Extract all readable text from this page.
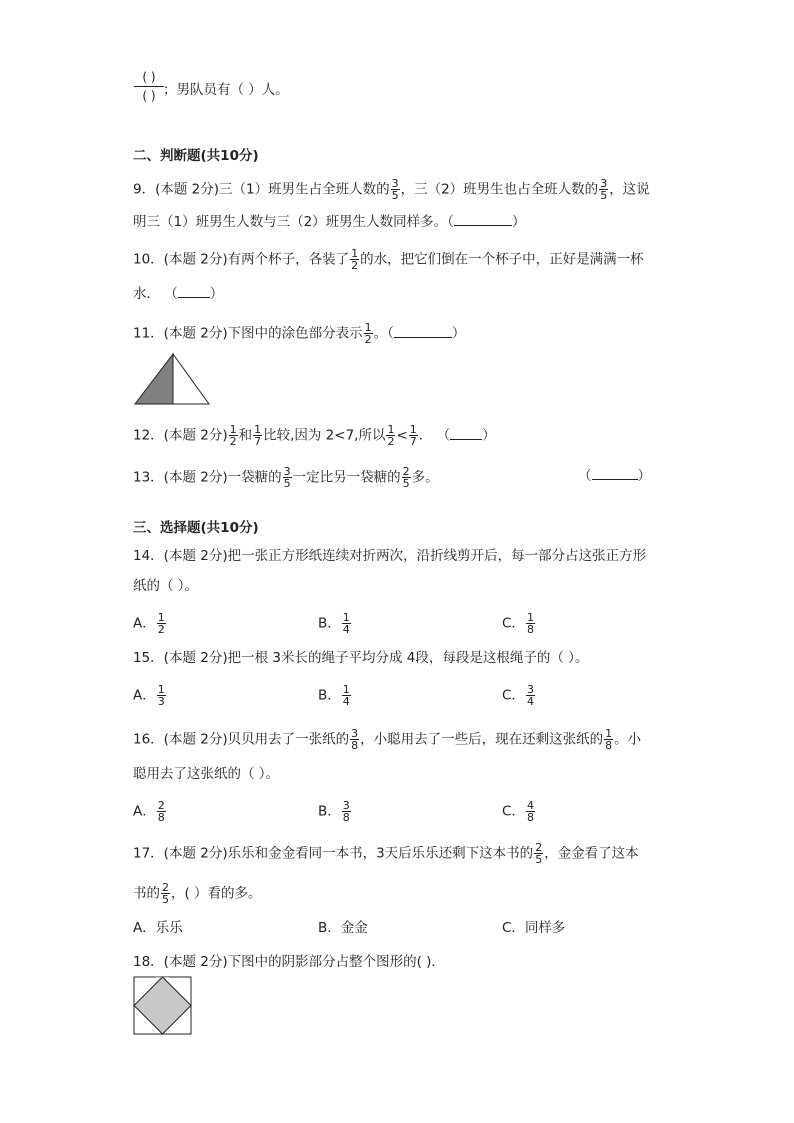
( )
( ) ；男队员有（ ）人。
二、判断题(共10分)
9．(本题 2分)三（1）班男生占全班人数的 $\frac{3}{5}$ ，三（2）班男生也占全班人数的 $\frac{3}{5}$ ，这说
明三（1）班男生人数与三（2）班男生人数同样多。（	）
10．(本题 2分)有两个杯子，各装了 $\frac{1}{2}$ 的水，把它们倒在一个杯子中，正好是满满一杯
水． （ ）
11．(本题 2分)下图中的涂色部分表示 $\frac{1}{2}$ 。（	）
12．(本题 2分) $\frac{1}{2}$ 和 $\frac{1}{7}$ 比较,因为 2<7,所以 $\frac{1}{2} < \frac{1}{7}$ ． （ ）
13．(本题 2分)一袋糖的 $\frac{3}{5}$ 一定比另一袋糖的 $\frac{2}{5}$ 多。	（	）
三、选择题(共10分)
14．(本题 2分)把一张正方形纸连续对折两次，沿折线剪开后，每一部分占这张正方形
纸的（ ）。
A． $\frac{1}{2}$	B． $\frac{1}{4}$	C． $\frac{1}{8}$
15．(本题 2分)把一根 3米长的绳子平均分成 4段，每段是这根绳子的（ ）。
A． $\frac{1}{3}$	B． $\frac{1}{4}$	C． $\frac{3}{4}$
16．(本题 2分)贝贝用去了一张纸的 $\frac{3}{8}$ ，小聪用去了一些后，现在还剩这张纸的 $\frac{1}{8}$ 。小
聪用去了这张纸的（ ）。
A． $\frac{2}{8}$	B． $\frac{3}{8}$	C． $\frac{4}{8}$
17．(本题 2分)乐乐和金金看同一本书，3天后乐乐还剩下这本书的 $\frac{2}{5}$ ，金金看了这本
书的 $\frac{2}{5}$ ，( ）看的多。
A．乐乐	B．金金	C．同样多
18．(本题 2分)下图中的阴影部分占整个图形的( )．
